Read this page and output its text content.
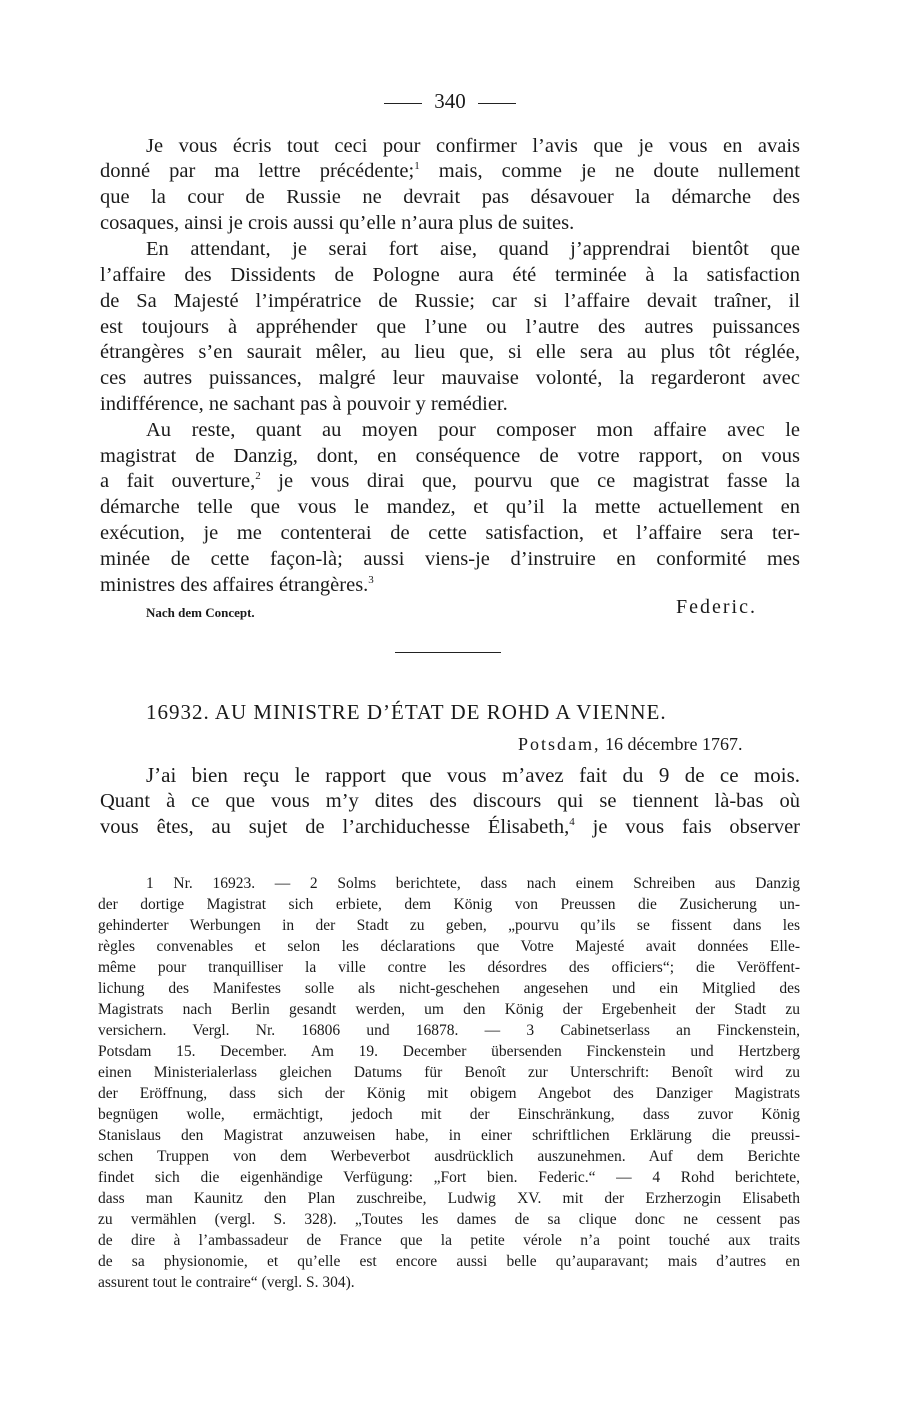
340
Je vous écris tout ceci pour confirmer l’avis que je vous en avais
donné par ma lettre précédente;$^1$ mais, comme je ne doute nullement
que la cour de Russie ne devrait pas désavouer la démarche des
cosaques, ainsi je crois aussi qu’elle n’aura plus de suites.
En attendant, je serai fort aise, quand j’apprendrai bientôt que
l’affaire des Dissidents de Pologne aura été terminée à la satisfaction
de Sa Majesté l’impératrice de Russie; car si l’affaire devait traîner, il
est toujours à appréhender que l’une ou l’autre des autres puissances
étrangères s’en saurait mêler, au lieu que, si elle sera au plus tôt réglée,
ces autres puissances, malgré leur mauvaise volonté, la regarderont avec
indifférence, ne sachant pas à pouvoir y remédier.
Au reste, quant au moyen pour composer mon affaire avec le
magistrat de Danzig, dont, en conséquence de votre rapport, on vous
a fait ouverture,$^2$ je vous dirai que, pourvu que ce magistrat fasse la
démarche telle que vous le mandez, et qu’il la mette actuellement en
exécution, je me contenterai de cette satisfaction, et l’affaire sera ter-
minée de cette façon-là; aussi viens-je d’instruire en conformité mes
ministres des affaires étrangères.$^3$
Nach dem Concept.	Federic.
16932. AU MINISTRE D’ÉTAT DE ROHD A VIENNE.
Potsdam, 16 décembre 1767.
J’ai bien reçu le rapport que vous m’avez fait du 9 de ce mois.
Quant à ce que vous m’y dites des discours qui se tiennent là-bas où
vous êtes, au sujet de l’archiduchesse Élisabeth,$^4$ je vous fais observer
1 Nr. 16923. — 2 Solms berichtete, dass nach einem Schreiben aus Danzig
der dortige Magistrat sich erbiete, dem König von Preussen die Zusicherung un-
gehinderter Werbungen in der Stadt zu geben, „pourvu qu’ils se fissent dans les
règles convenables et selon les déclarations que Votre Majesté avait données Elle-
même pour tranquilliser la ville contre les désordres des officiers“; die Veröffent-
lichung des Manifestes solle als nicht-geschehen angesehen und ein Mitglied des
Magistrats nach Berlin gesandt werden, um den König der Ergebenheit der Stadt zu
versichern. Vergl. Nr. 16806 und 16878. — 3 Cabinetserlass an Finckenstein,
Potsdam 15. December. Am 19. December übersenden Finckenstein und Hertzberg
einen Ministerialerlass gleichen Datums für Benoît zur Unterschrift: Benoît wird zu
der Eröffnung, dass sich der König mit obigem Angebot des Danziger Magistrats
begnügen wolle, ermächtigt, jedoch mit der Einschränkung, dass zuvor König
Stanislaus den Magistrat anzuweisen habe, in einer schriftlichen Erklärung die preussi-
schen Truppen von dem Werbeverbot ausdrücklich auszunehmen. Auf dem Berichte
findet sich die eigenhändige Verfügung: „Fort bien. Federic.“ — 4 Rohd berichtete,
dass man Kaunitz den Plan zuschreibe, Ludwig XV. mit der Erzherzogin Elisabeth
zu vermählen (vergl. S. 328). „Toutes les dames de sa clique donc ne cessent pas
de dire à l’ambassadeur de France que la petite vérole n’a point touché aux traits
de sa physionomie, et qu’elle est encore aussi belle qu’auparavant; mais d’autres en
assurent tout le contraire“ (vergl. S. 304).
